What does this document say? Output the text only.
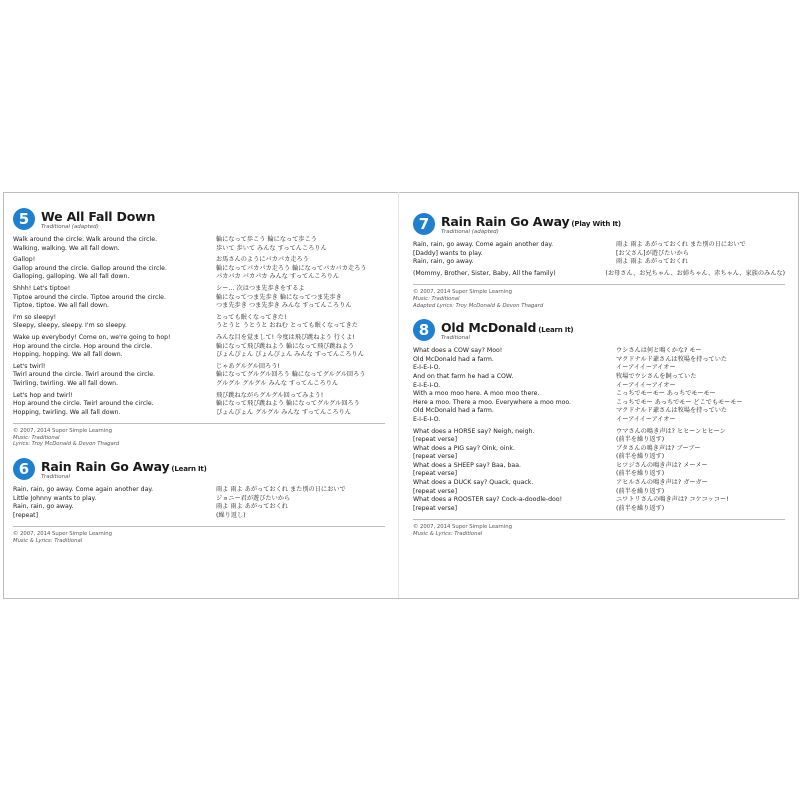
5 We All Fall Down
Traditional (adapted)
Walk around the circle. Walk around the circle.
Walking, walking. We all fall down.
輪になって歩こう 輪になって歩こう
歩いて 歩いて みんな すってんころりん
Gallop!
Gallop around the circle. Gallop around the circle.
Galloping, galloping. We all fall down.
お馬さんのようにパカパカ走ろう
輪になってパカパカ走ろう 輪になってパカパカ走ろう
パカパカ パカパカ みんな すってんころりん
Shhh! Let's tiptoe!
Tiptoe around the circle. Tiptoe around the circle.
Tiptoe, tiptoe. We all fall down.
シー… 次はつま先歩きをするよ
輪になってつま先歩き 輪になってつま先歩き
つま先歩き つま先歩き みんな すってんころりん
I'm so sleepy!
Sleepy, sleepy, sleepy. I'm so sleepy.
とっても眠くなってきた!
うとうと うとうと おねむ とっても眠くなってきた
Wake up everybody! Come on, we're going to hop!
Hop around the circle. Hop around the circle.
Hopping, hopping. We all fall down.
みんな目を覚まして! 今度は飛び跳ねよう 行くよ!
輪になって飛び跳ねよう 輪になって飛び跳ねよう
ぴょんぴょん ぴょんぴょん みんな すってんころりん
Let's twirl!
Twirl around the circle. Twirl around the circle.
Twirling, twirling. We all fall down.
じゃあグルグル回ろう!
輪になってグルグル回ろう 輪になってグルグル回ろう
グルグル グルグル みんな すってんころりん
Let's hop and twirl!
Hop around the circle. Twirl around the circle.
Hopping, twirling. We all fall down.
飛び跳ねながらグルグル回ってみよう!
輪になって飛び跳ねよう 輪になってグルグル回ろう
ぴょんぴょん グルグル みんな すってんころりん
© 2007, 2014 Super Simple Learning
Music: Traditional
Lyrics: Troy McDonald & Devon Thagard
6 Rain Rain Go Away (Learn It)
Traditional
Rain, rain, go away. Come again another day.
Little Johnny wants to play.
Rain, rain, go away.
[repeat]
雨よ 雨よ あがっておくれ また別の日においで
ジョニー君が遊びたいから
雨よ 雨よ あがっておくれ
(繰り返し)
© 2007, 2014 Super Simple Learning
Music & Lyrics: Traditional
7 Rain Rain Go Away (Play With It)
Traditional (adapted)
Rain, rain, go away. Come again another day.
[Daddy] wants to play.
Rain, rain, go away.
雨よ 雨よ あがっておくれ また別の日においで
[お父さん]が遊びたいから
雨よ 雨よ あがっておくれ
(Mommy, Brother, Sister, Baby, All the family)	(お母さん、お兄ちゃん、お姉ちゃん、赤ちゃん、家族のみんな)
© 2007, 2014 Super Simple Learning
Music: Traditional
Adapted Lyrics: Troy McDonald & Devon Thagard
8 Old McDonald (Learn It)
Traditional
What does a COW say? Moo!
Old McDonald had a farm.
E-I-E-I-O.
And on that farm he had a COW.
E-I-E-I-O.
With a moo moo here. A moo moo there.
Here a moo. There a moo. Everywhere a moo moo.
Old McDonald had a farm.
E-I-E-I-O.
ウシさんは何と鳴くかな? モー
マクドナルド爺さんは牧場を持っていた
イーアイイーアイオー
牧場でウシさんを飼っていた
イーアイイーアイオー
こっちでモーモー あっちでモーモー
こっちでモー あっちでモー どこでもモーモー
マクドナルド爺さんは牧場を持っていた
イーアイイーアイオー
What does a HORSE say? Neigh, neigh.
[repeat verse]
What does a PIG say? Oink, oink.
[repeat verse]
What does a SHEEP say? Baa, baa.
[repeat verse]
What does a DUCK say? Quack, quack.
[repeat verse]
What does a ROOSTER say? Cock-a-doodle-doo!
[repeat verse]
ウマさんの鳴き声は? ヒヒーンヒヒーン
(前半を繰り返す)
ブタさんの鳴き声は? ブーブー
(前半を繰り返す)
ヒツジさんの鳴き声は? メーメー
(前半を繰り返す)
アヒルさんの鳴き声は? ガーガー
(前半を繰り返す)
ニワトリさんの鳴き声は? コケコッコー!
(前半を繰り返す)
© 2007, 2014 Super Simple Learning
Music & Lyrics: Traditional
